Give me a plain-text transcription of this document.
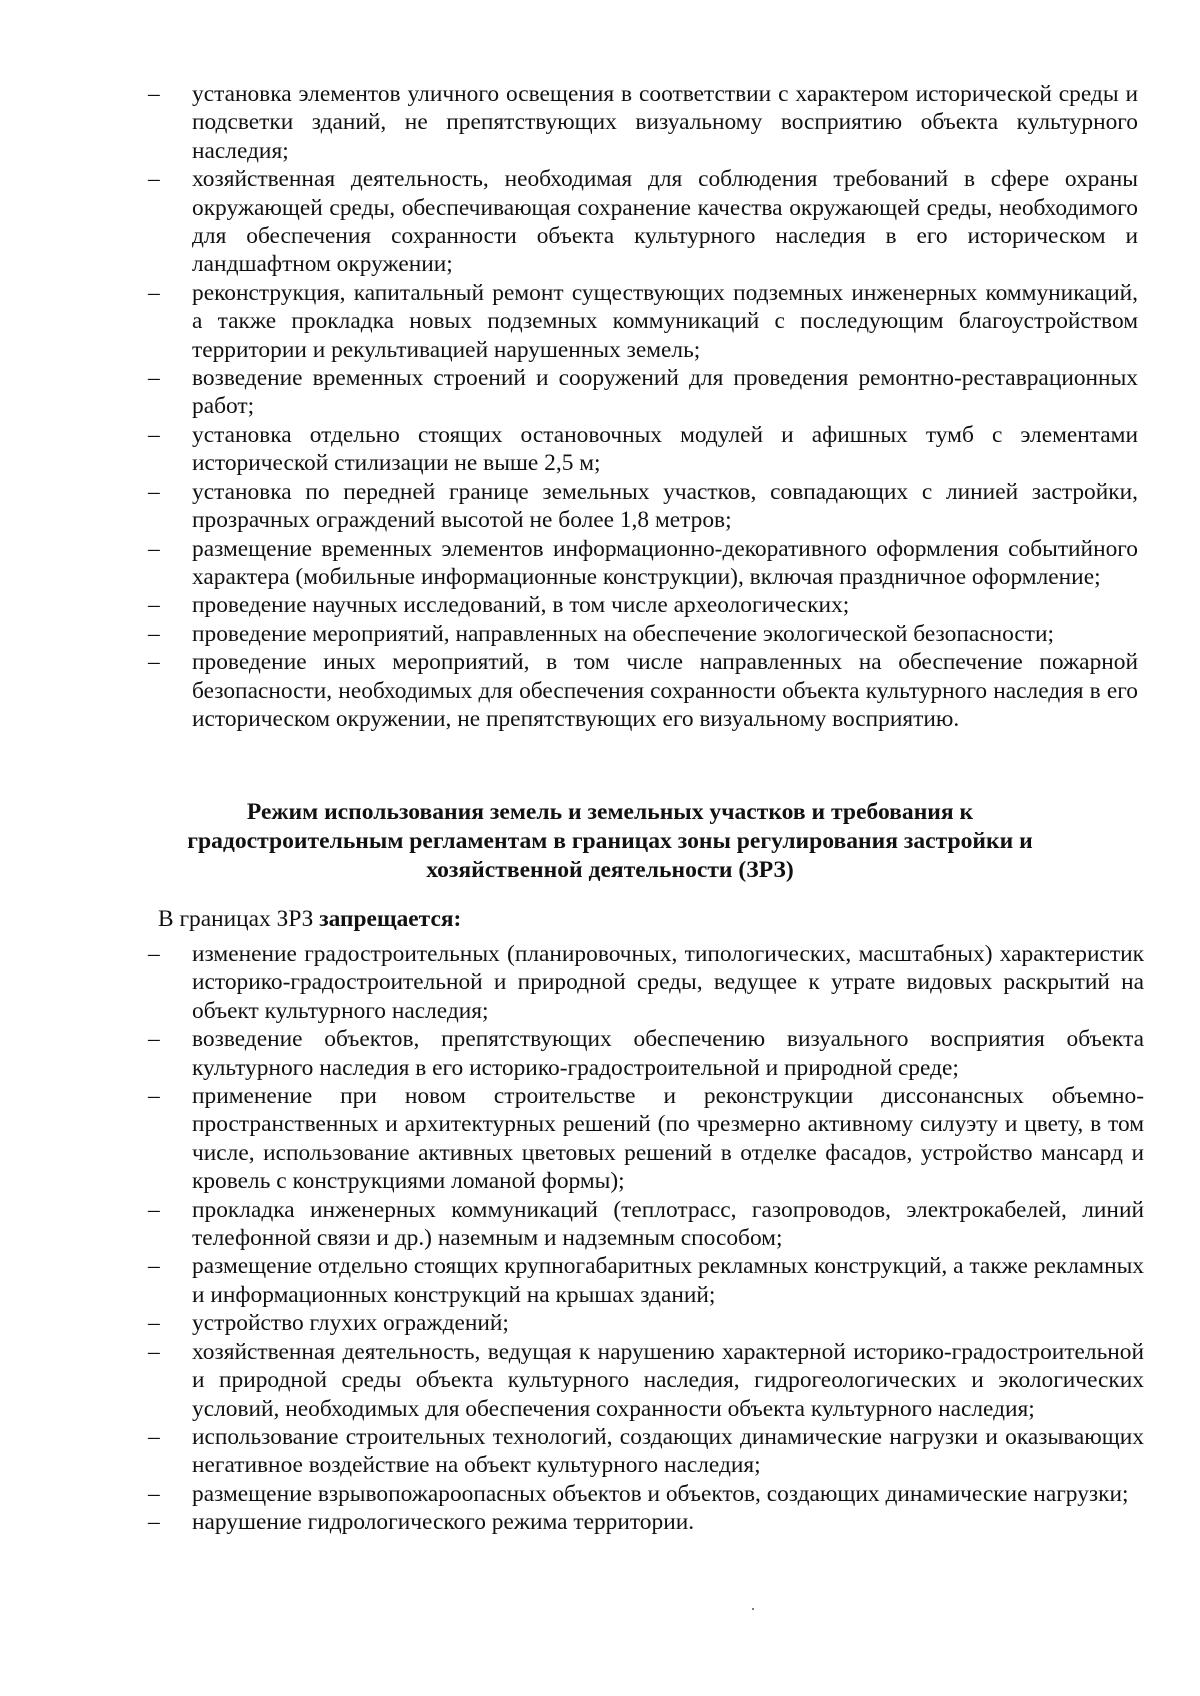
–	установка элементов уличного освещения в соответствии с характером исторической среды и подсветки зданий, не препятствующих визуальному восприятию объекта культурного наследия;
–	хозяйственная деятельность, необходимая для соблюдения требований в сфере охраны окружающей среды, обеспечивающая сохранение качества окружающей среды, необходимого для обеспечения сохранности объекта культурного наследия в его историческом и ландшафтном окружении;
–	реконструкция, капитальный ремонт существующих подземных инженерных коммуникаций, а также прокладка новых подземных коммуникаций с последующим благоустройством территории и рекультивацией нарушенных земель;
–	возведение временных строений и сооружений для проведения ремонтно-реставрационных работ;
–	установка отдельно стоящих остановочных модулей и афишных тумб с элементами исторической стилизации не выше 2,5 м;
–	установка по передней границе земельных участков, совпадающих с линией застройки, прозрачных ограждений высотой не более 1,8 метров;
–	размещение временных элементов информационно-декоративного оформления событийного характера (мобильные информационные конструкции), включая праздничное оформление;
–	проведение научных исследований, в том числе археологических;
–	проведение мероприятий, направленных на обеспечение экологической безопасности;
–	проведение иных мероприятий, в том числе направленных на обеспечение пожарной безопасности, необходимых для обеспечения сохранности объекта культурного наследия в его историческом окружении, не препятствующих его визуальному восприятию.
Режим использования земель и земельных участков и требования к градостроительным регламентам в границах зоны регулирования застройки и хозяйственной деятельности (ЗРЗ)

В границах ЗРЗ запрещается:

–	изменение градостроительных (планировочных, типологических, масштабных) характеристик историко-градостроительной и природной среды, ведущее к утрате видовых раскрытий на объект культурного наследия;
–	возведение объектов, препятствующих обеспечению визуального восприятия объекта культурного наследия в его историко-градостроительной и природной среде;
–	применение при новом строительстве и реконструкции диссонансных объемно-пространственных и архитектурных решений (по чрезмерно активному силуэту и цвету, в том числе, использование активных цветовых решений в отделке фасадов, устройство мансард и кровель с конструкциями ломаной формы);
–	прокладка инженерных коммуникаций (теплотрасс, газопроводов, электрокабелей, линий телефонной связи и др.) наземным и надземным способом;
–	размещение отдельно стоящих крупногабаритных рекламных конструкций, а также рекламных и информационных конструкций на крышах зданий;
–	устройство глухих ограждений;
–	хозяйственная деятельность, ведущая к нарушению характерной историко-градостроительной и природной среды объекта культурного наследия, гидрогеологических и экологических условий, необходимых для обеспечения сохранности объекта культурного наследия;
–	использование строительных технологий, создающих динамические нагрузки и оказывающих негативное воздействие на объект культурного наследия;
–	размещение взрывопожароопасных объектов и объектов, создающих динамические нагрузки;
–	нарушение гидрологического режима территории.
